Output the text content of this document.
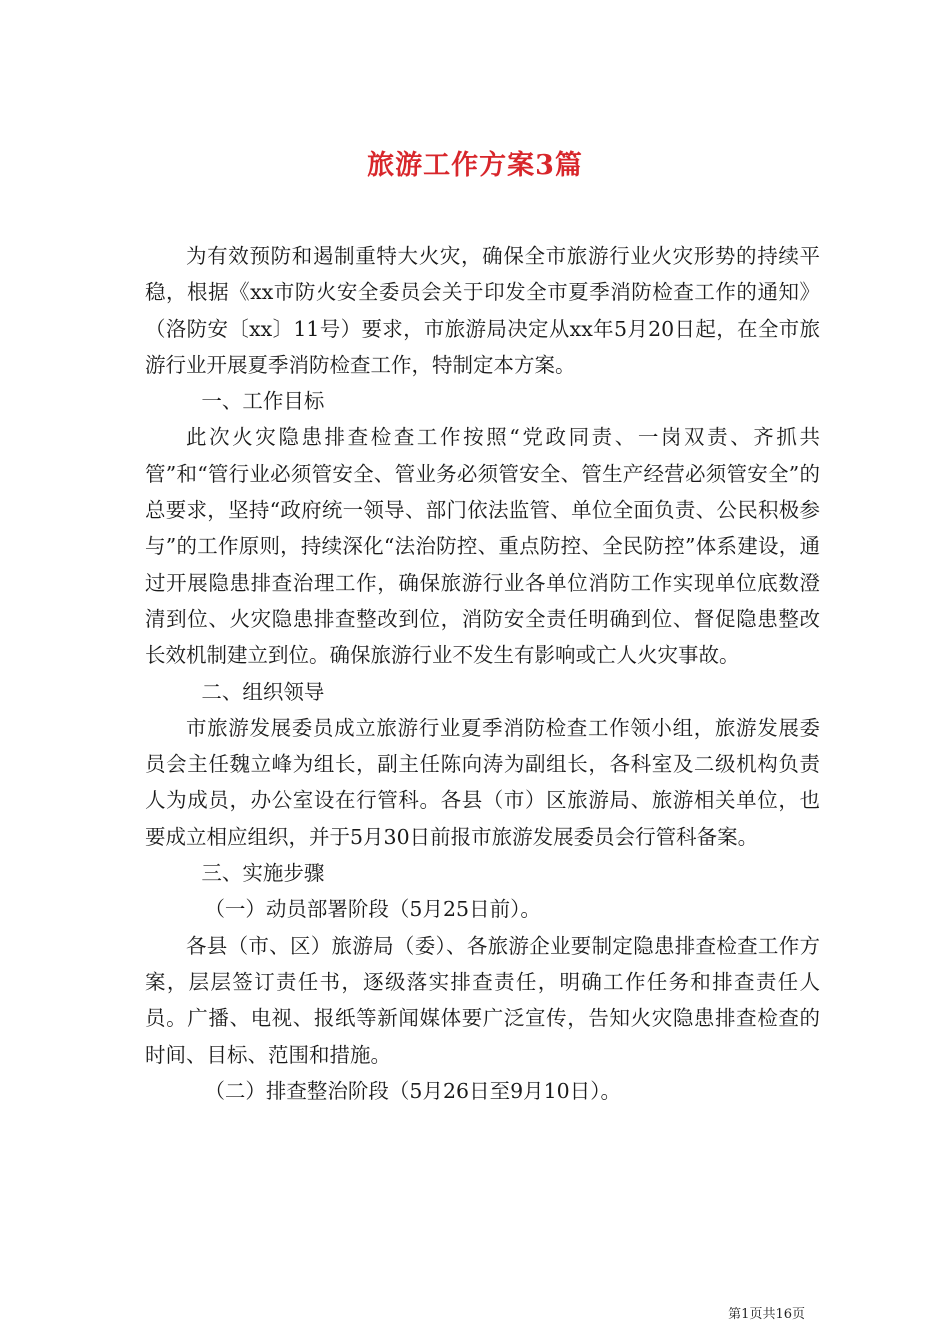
旅游工作方案3篇

为有效预防和遏制重特大火灾，确保全市旅游行业火灾形势的持续平稳，根据《xx市防火安全委员会关于印发全市夏季消防检查工作的通知》（洛防安〔xx〕11号）要求，市旅游局决定从xx年5月20日起，在全市旅游行业开展夏季消防检查工作，特制定本方案。

一、工作目标

此次火灾隐患排查检查工作按照“党政同责、一岗双责、齐抓共管”和“管行业必须管安全、管业务必须管安全、管生产经营必须管安全”的总要求，坚持“政府统一领导、部门依法监管、单位全面负责、公民积极参与”的工作原则，持续深化“法治防控、重点防控、全民防控”体系建设，通过开展隐患排查治理工作，确保旅游行业各单位消防工作实现单位底数澄清到位、火灾隐患排查整改到位，消防安全责任明确到位、督促隐患整改长效机制建立到位。确保旅游行业不发生有影响或亡人火灾事故。

二、组织领导

市旅游发展委员成立旅游行业夏季消防检查工作领小组，旅游发展委员会主任魏立峰为组长，副主任陈向涛为副组长，各科室及二级机构负责人为成员，办公室设在行管科。各县（市）区旅游局、旅游相关单位，也要成立相应组织，并于5月30日前报市旅游发展委员会行管科备案。

三、实施步骤

（一）动员部署阶段（5月25日前）。

各县（市、区）旅游局（委）、各旅游企业要制定隐患排查检查工作方案，层层签订责任书，逐级落实排查责任，明确工作任务和排查责任人员。广播、电视、报纸等新闻媒体要广泛宣传，告知火灾隐患排查检查的时间、目标、范围和措施。

（二）排查整治阶段（5月26日至9月10日）。

第1页共16页
